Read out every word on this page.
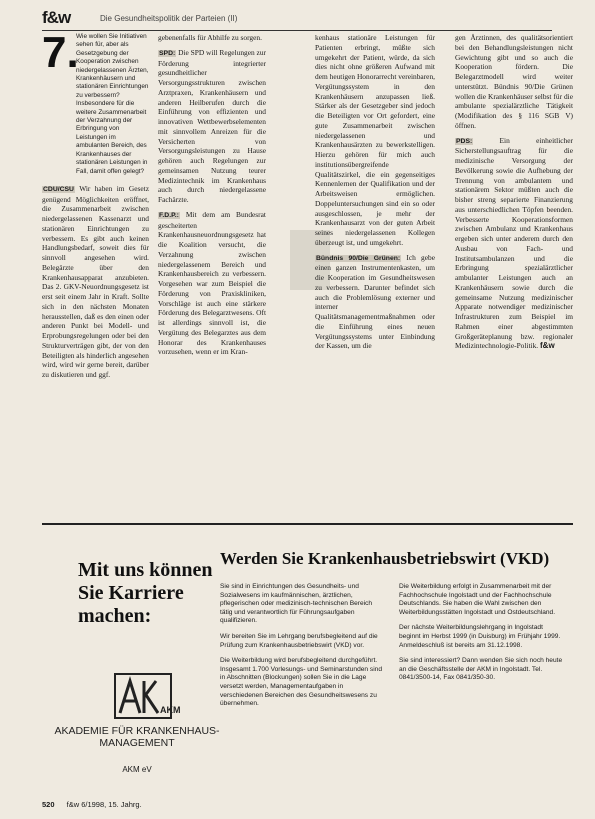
f&w	Die Gesundheitspolitik der Parteien (II)
7.
Wie wollen Sie Initiativen sehen für, aber als Gesetzgebung der Kooperation zwischen niedergelassenen Ärzten, Krankenhäusern und stationären Einrichtungen zu verbessern? Insbesondere für die weitere Zusammenarbeit der Verzahnung der Erbringung von Leistungen im ambulanten Bereich, des Krankenhauses der stationären Leistungen in Fall, damit offen gelegt?

CDU/CSU Wir haben im Gesetz genügend Möglichkeiten eröffnet, die Zusammenarbeit zwischen niedergelassenen Kassenarzt und stationären Einrichtungen zu verbessern. Es gibt auch keinen Handlungsbedarf, soweit dies für sinnvoll angesehen wird. Belegärzte über den Krankenhausapparat anzubieten. Das 2. GKV-Neuordnungsgesetz ist erst seit einem Jahr in Kraft. Sollte sich in den nächsten Monaten herausstellen, daß es den einen oder anderen Punkt bei Modell- und Erprobungsregelungen oder bei den Strukturverträgen gibt, der von den Beteiligten als hinderlich angesehen wird, wird wir gerne bereit, darüber zu diskutieren und ggf.

gebenenfalls für Abhilfe zu sorgen.

SPD: Die SPD will Regelungen zur Förderung integrierter gesundheitlicher Versorgungsstrukturen zwischen Arztpraxen, Krankenhäusern und anderen Heilberufen durch die Einführung von effizienten und innovativen Wettbewerbselementen mit sinnvollem Anreizen für die Versicherten von Versorgungsleistungen zu Hause gehören auch Regelungen zur gemeinsamen Nutzung teurer Medizintechnik im Krankenhaus auch durch niedergelassene Fachärzte.

F.D.P.: Mit dem am Bundesrat gescheiterten Krankenhausneuordnungsgesetz hat die Koalition versucht, die Verzahnung zwischen niedergelassenem Bereich und Krankenhausbereich zu verbessern. Vorgesehen war zum Beispiel die Förderung von Praxiskliniken, Vorschläge ist auch eine stärkere Förderung des Belegarztwesens. Oft ist allerdings sinnvoll ist, die Vergütung des Belegarztes aus dem Honorar des Krankenhauses vorzusehen, wenn er im Kran-

kenhaus stationäre Leistungen für Patienten erbringt, müßte sich umgekehrt der Patient, würde, da sich dies nicht ohne größeren Aufwand mit dem heutigen Honorarrecht vereinbaren, Vergütungssystem in den Krankenhäusern anzupassen ließ. Stärker als der Gesetzgeber sind jedoch die Beteiligten vor Ort gefordert, eine gute Zusammenarbeit zwischen niedergelassenen und Krankenhausärzten zu bewerkstelligen. Hierzu gehören für mich auch institutionsübergreifende Qualitätszirkel, die ein gegenseitiges Kennenlernen der Qualifikation und der Arbeitsweisen ermöglichen. Doppeluntersuchungen sind ein so oder ausgeschlossen, je mehr der Krankenhausarzt von der guten Arbeit seines niedergelassenen Kollegen überzeugt ist, und umgekehrt.

Bündnis 90/Die Grünen: Ich gebe einen ganzen Instrumentenkasten, um die Kooperation im Gesundheitswesen zu verbessern. Darunter befindet sich auch die Problemlösung externer und interner Qualitätsmanagementmaßnahmen oder die Einführung eines neuen Vergütungssystems unter Einbindung der Kassen, um die

gen Ärztinnen, des qualitätsorientiert bei den Behandlungsleistungen nicht Gewichtung gibt und so auch die Kooperation fördern. Die Belegarztmodell wird weiter unterstützt. Bündnis 90/Die Grünen wollen die Krankenhäuser selbst für die ambulante spezialärztliche Tätigkeit (Modifikation des § 116 SGB V) öffnen.

PDS:	Ein einheitlicher Sicherstellungsauftrag für die medizinische Versorgung der Bevölkerung sowie die Aufhebung der Trennung von ambulantem und stationärem Sektor müßten auch die bisher streng separierte Finanzierung aus unterschiedlichen Töpfen beenden. Verbesserte Kooperationsformen zwischen Ambulanz und Krankenhaus ergeben sich unter anderem durch den Ausbau von Fach- und Institutsambulanzen und die Erbringung spezialärztlicher ambulanter Leistungen auch an Krankenhäusern sowie durch die gemeinsame Nutzung medizinischer Apparate notwendiger medizinischer Infrastrukturen zum Beispiel im Rahmen einer abgestimmten Großgeräteplanung bzw. regionaler Medizintechnologie-Politik. f&w

Mit uns können Sie Karriere machen:
AKM
AKADEMIE FÜR KRANKENHAUS-MANAGEMENT
AKM eV
Werden Sie Krankenhausbetriebswirt (VKD)

Sie sind in Einrichtungen des Gesundheits- und Sozialwesens im kaufmännischen, ärztlichen, pflegerischen oder medizinisch-technischen Bereich tätig und verantwortlich für Führungsaufgaben qualifizieren.

Wir bereiten Sie im Lehrgang berufsbegleitend auf die Prüfung zum Krankenhausbetriebswirt (VKD) vor.

Die Weiterbildung wird berufsbegleitend durchgeführt. Insgesamt 1.700 Vorlesungs- und Seminarstunden sind in Abschnitten (Blockungen) sollen Sie in die Lage versetzt werden, Managementaufgaben in verschiedenen Bereichen des Gesundheitswesens zu übernehmen.

Die Weiterbildung erfolgt in Zusammenarbeit mit der Fachhochschule Ingolstadt und der Fachhochschule Deutschlands. Sie haben die Wahl zwischen den Weiterbildungsstätten Ingolstadt und Ostdeutschland.

Der nächste Weiterbildungslehrgang in Ingolstadt beginnt im Herbst 1999 (in Duisburg) im Frühjahr 1999. Anmeldeschluß ist bereits am 31.12.1998.

Sie sind interessiert? Dann wenden Sie sich noch heute an die Geschäftsstelle der AKM in Ingolstadt. Tel. 0841/3500-14, Fax 0841/350-30.

520 f&w 6/1998, 15. Jahrg.
